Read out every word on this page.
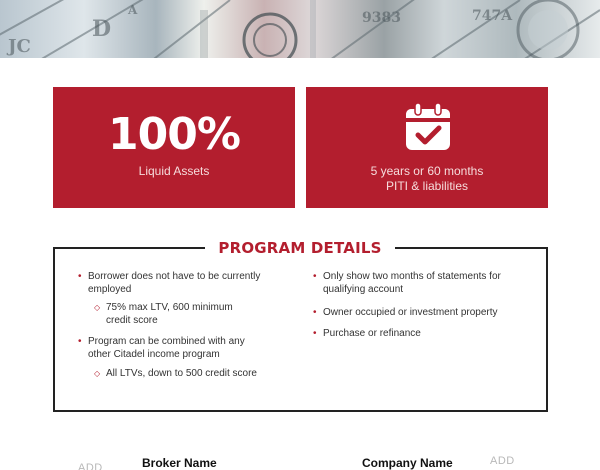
JC
D	9383	747A
A
100%
Liquid Assets	5 years or 60 months
PITI & liabilities
PROGRAM DETAILS
• Borrower does not have to be currently
employed
◇ 75% max LTV, 600 minimum
credit score
• Program can be combined with any
other Citadel income program
◇ All LTVs, down to 500 credit score
• Only show two months of statements for
qualifying account
• Owner occupied or investment property
• Purchase or refinance
ADD	Broker Name	Company Name	ADD
